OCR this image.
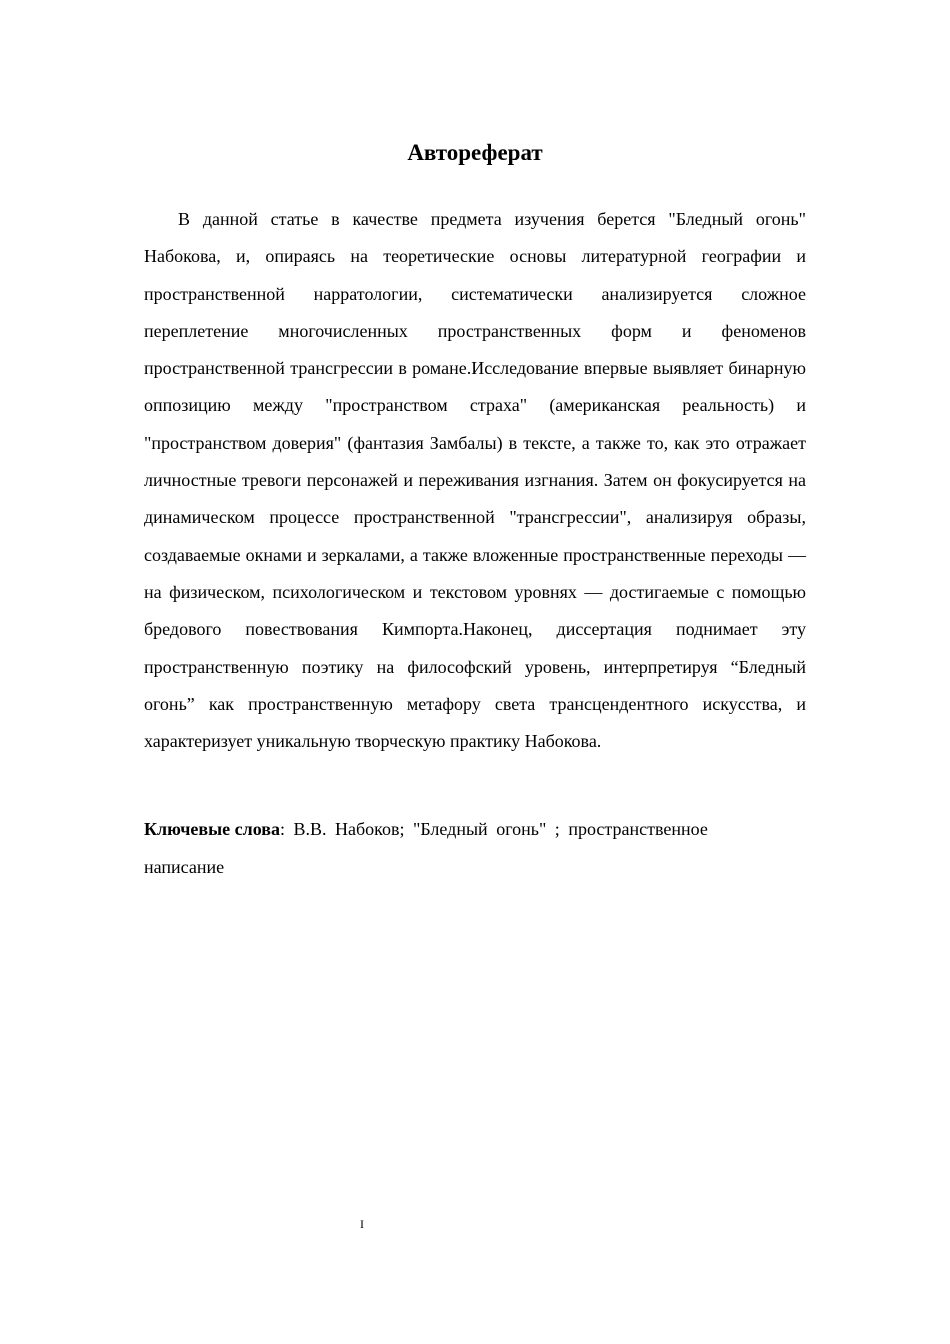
Автореферат

В данной статье в качестве предмета изучения берется "Бледный огонь" Набокова, и, опираясь на теоретические основы литературной географии и пространственной нарратологии, систематически анализируется сложное переплетение многочисленных пространственных форм и феноменов пространственной трансгрессии в романе.Исследование впервые выявляет бинарную оппозицию между "пространством страха" (американская реальность) и "пространством доверия" (фантазия Замбалы) в тексте, а также то, как это отражает личностные тревоги персонажей и переживания изгнания. Затем он фокусируется на динамическом процессе пространственной "трансгрессии", анализируя образы, создаваемые окнами и зеркалами, а также вложенные пространственные переходы — на физическом, психологическом и текстовом уровнях — достигаемые с помощью бредового повествования Кимпорта.Наконец, диссертация поднимает эту пространственную поэтику на философский уровень, интерпретируя “Бледный огонь” как пространственную метафору света трансцендентного искусства, и характеризует уникальную творческую практику Набокова.

Ключевые слова: В.В. Набоков; "Бледный огонь" ; пространственное написание

I
